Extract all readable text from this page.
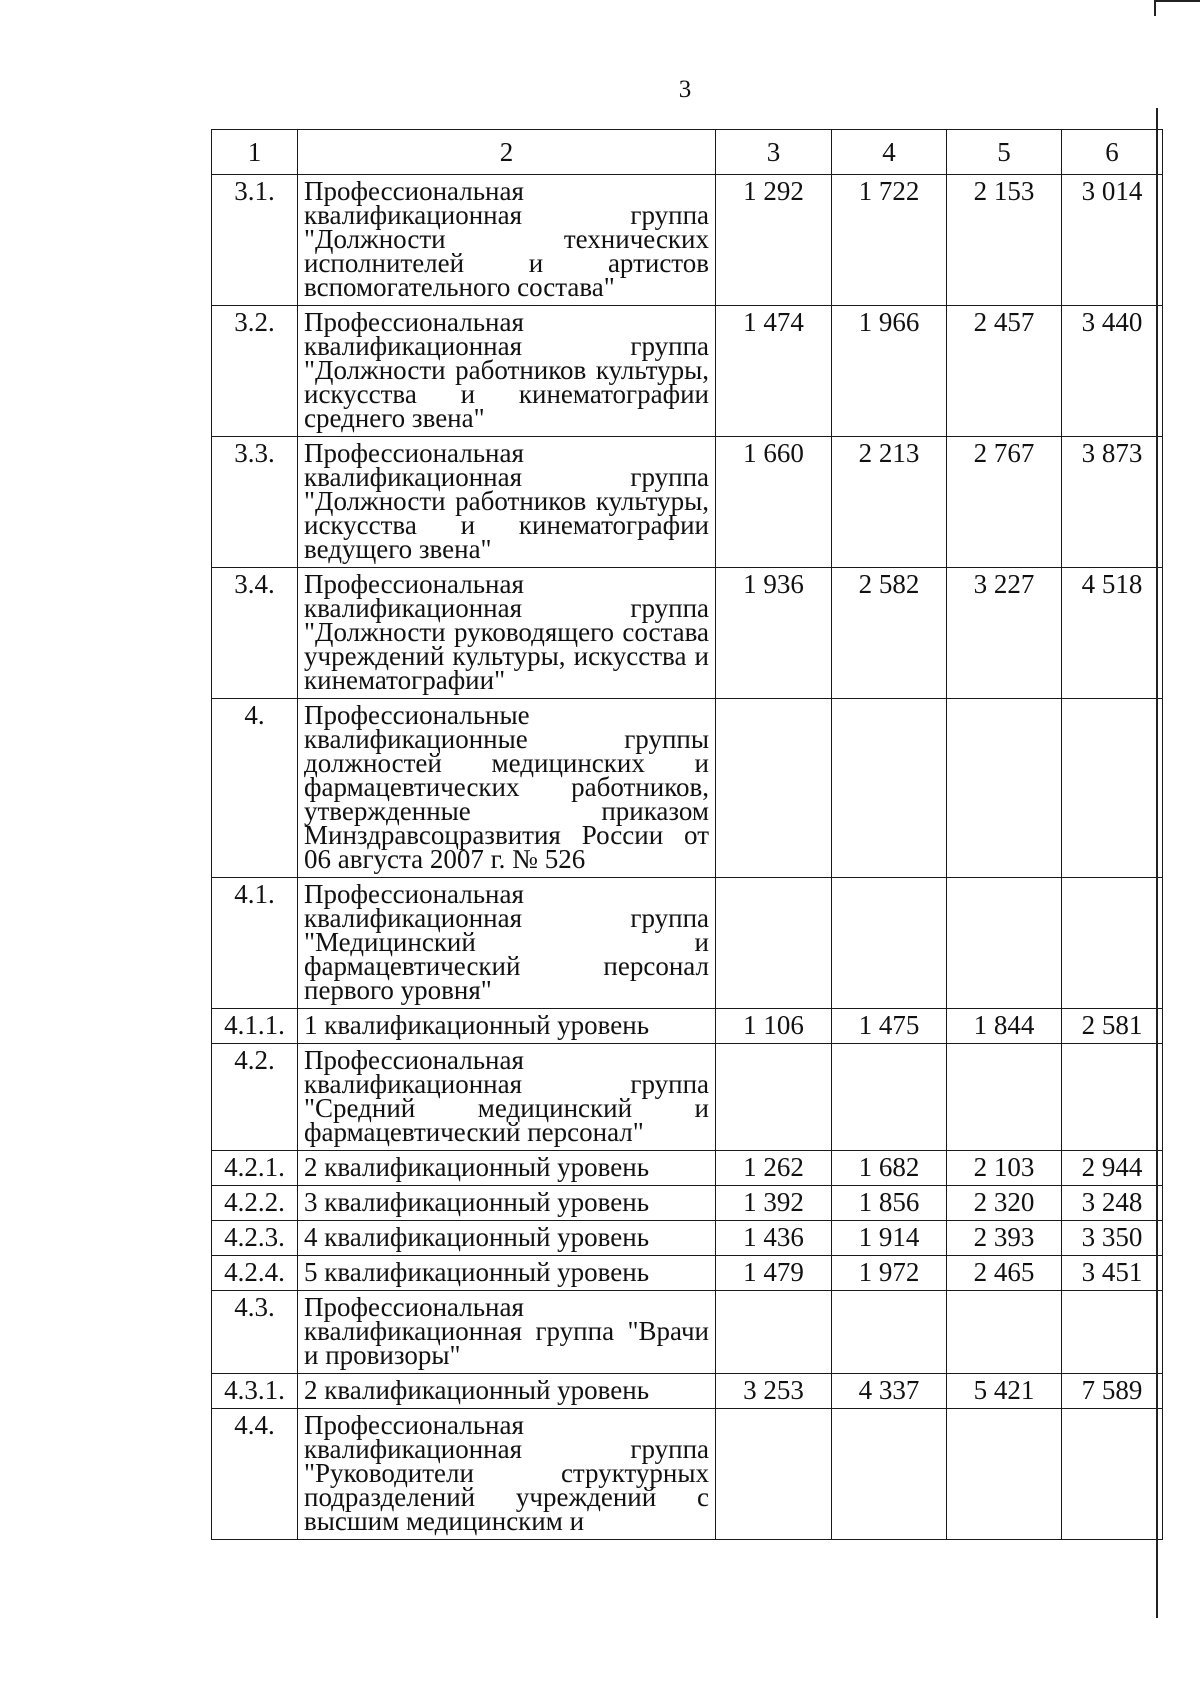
3
1	2	3	4	5	6
3.1.	Профессиональная квалификационная группа "Должности технических исполнителей и артистов вспомогательного состава"	1 292	1 722	2 153	3 014
3.2.	Профессиональная квалификационная группа "Должности работников культуры, искусства и кинематографии среднего звена"	1 474	1 966	2 457	3 440
3.3.	Профессиональная квалификационная группа "Должности работников культуры, искусства и кинематографии ведущего звена"	1 660	2 213	2 767	3 873
3.4.	Профессиональная квалификационная группа "Должности руководящего состава учреждений культуры, искусства и кинематографии"	1 936	2 582	3 227	4 518
4.	Профессиональные квалификационные группы должностей медицинских и фармацевтических работников, утвержденные приказом Минздравсоцразвития России от 06 августа 2007 г. № 526				
4.1.	Профессиональная квалификационная группа "Медицинский и фармацевтический персонал первого уровня"				
4.1.1.	1 квалификационный уровень	1 106	1 475	1 844	2 581
4.2.	Профессиональная квалификационная группа "Средний медицинский и фармацевтический персонал"				
4.2.1.	2 квалификационный уровень	1 262	1 682	2 103	2 944
4.2.2.	3 квалификационный уровень	1 392	1 856	2 320	3 248
4.2.3.	4 квалификационный уровень	1 436	1 914	2 393	3 350
4.2.4.	5 квалификационный уровень	1 479	1 972	2 465	3 451
4.3.	Профессиональная квалификационная группа "Врачи и провизоры"				
4.3.1.	2 квалификационный уровень	3 253	4 337	5 421	7 589
4.4.	Профессиональная квалификационная группа "Руководители структурных подразделений учреждений с высшим медицинским и				
